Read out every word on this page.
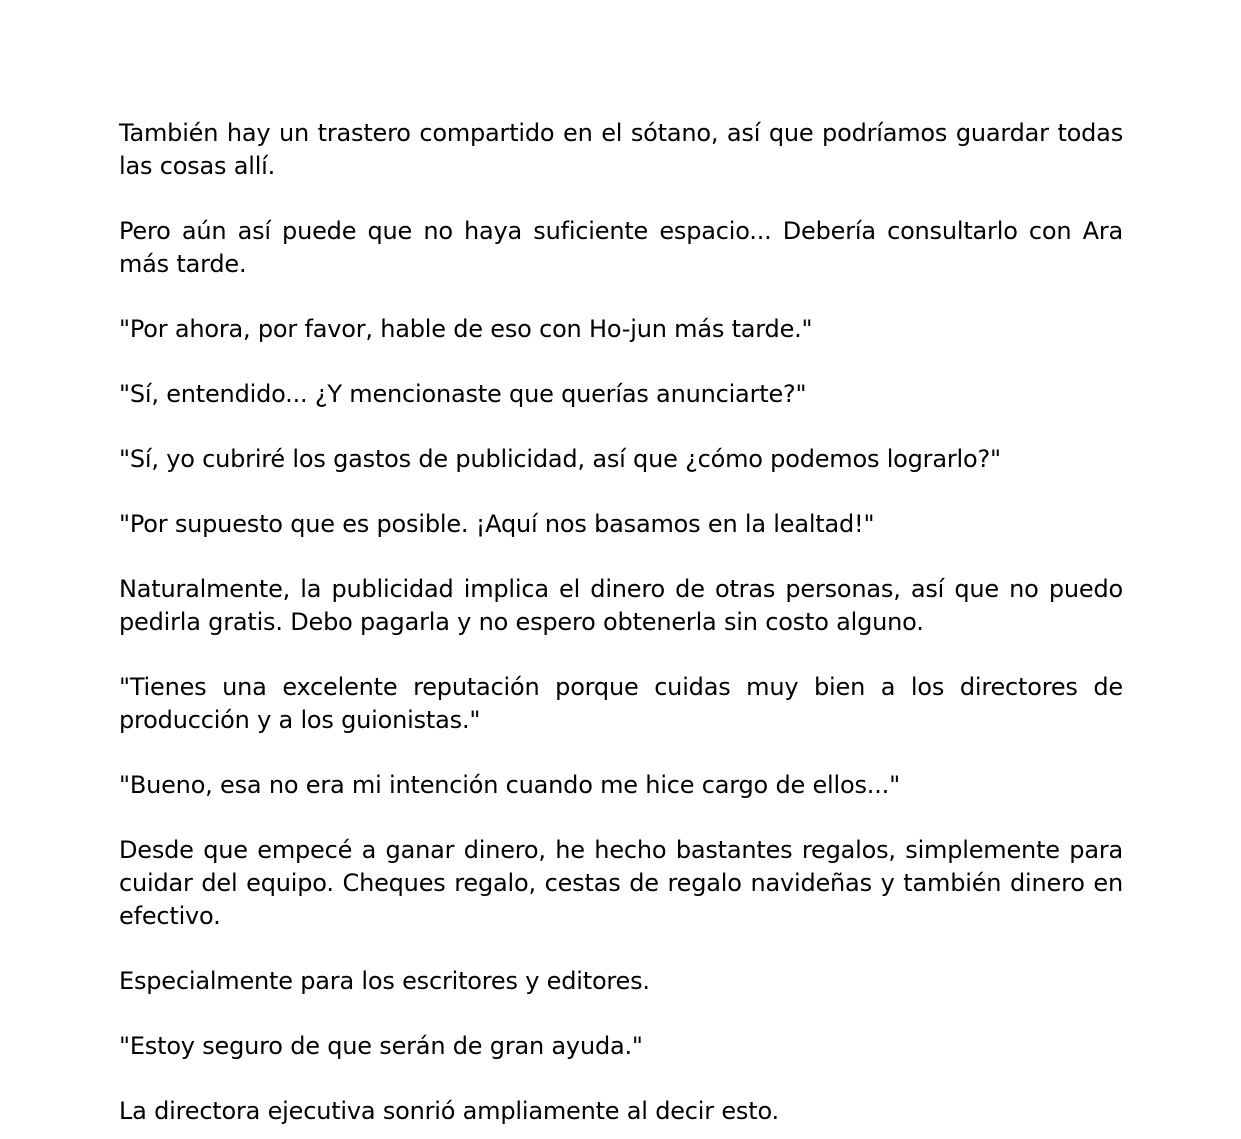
También hay un trastero compartido en el sótano, así que podríamos guardar todas las cosas allí.

Pero aún así puede que no haya suficiente espacio... Debería consultarlo con Ara más tarde.

"Por ahora, por favor, hable de eso con Ho-jun más tarde."

"Sí, entendido... ¿Y mencionaste que querías anunciarte?"

"Sí, yo cubriré los gastos de publicidad, así que ¿cómo podemos lograrlo?"

"Por supuesto que es posible. ¡Aquí nos basamos en la lealtad!"

Naturalmente, la publicidad implica el dinero de otras personas, así que no puedo pedirla gratis. Debo pagarla y no espero obtenerla sin costo alguno.

"Tienes una excelente reputación porque cuidas muy bien a los directores de producción y a los guionistas."

"Bueno, esa no era mi intención cuando me hice cargo de ellos..."

Desde que empecé a ganar dinero, he hecho bastantes regalos, simplemente para cuidar del equipo. Cheques regalo, cestas de regalo navideñas y también dinero en efectivo.

Especialmente para los escritores y editores.

"Estoy seguro de que serán de gran ayuda."

La directora ejecutiva sonrió ampliamente al decir esto.
